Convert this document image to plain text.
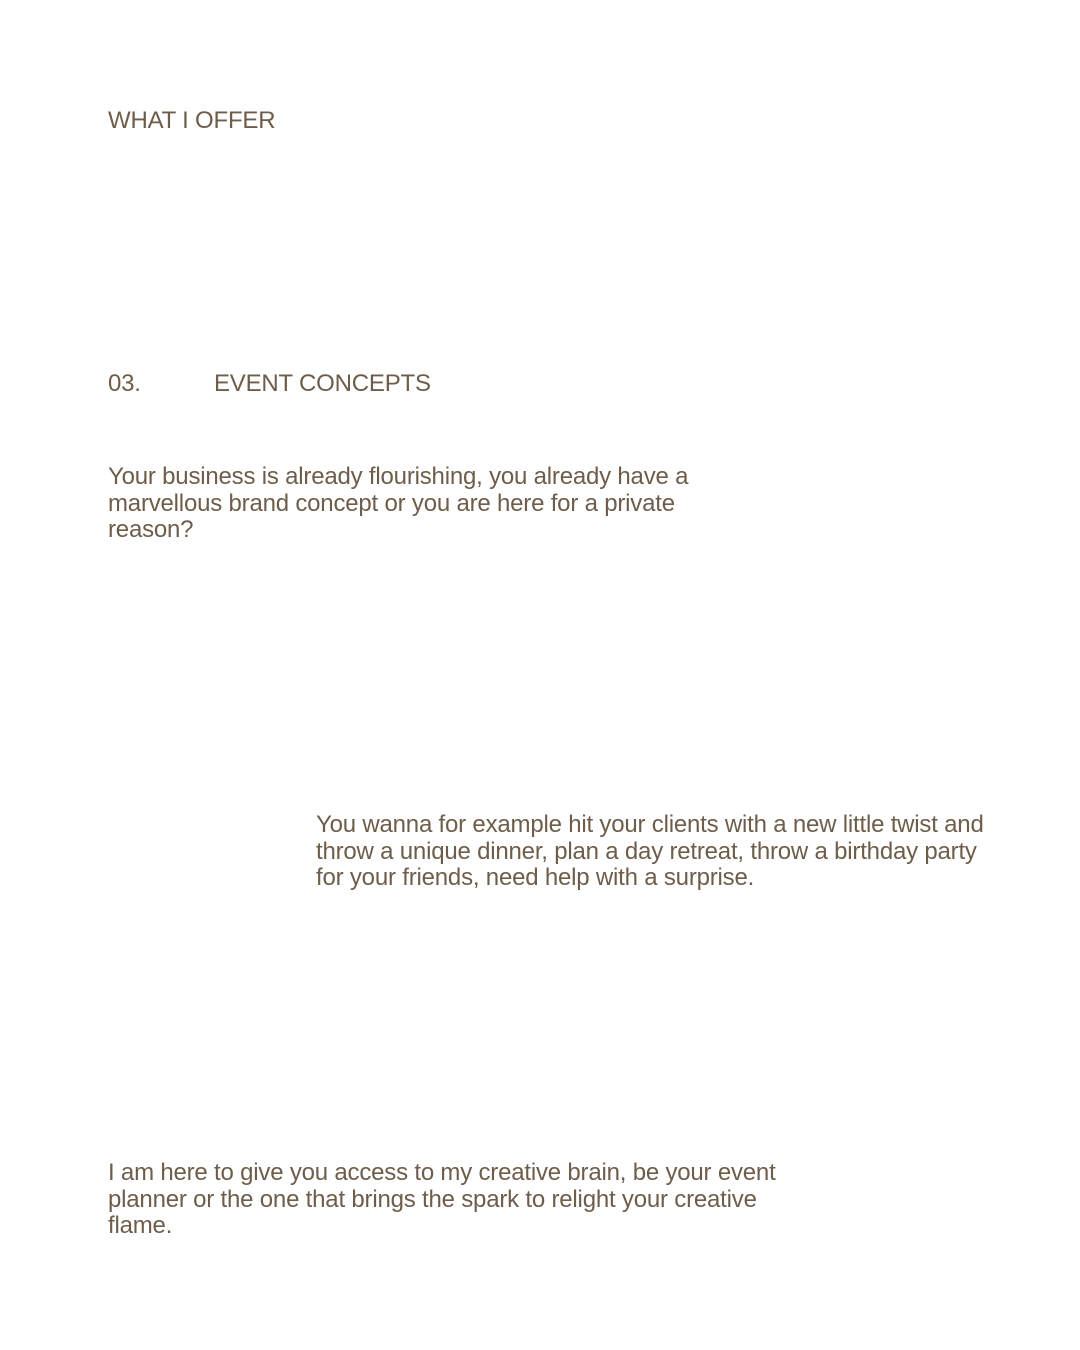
WHAT I OFFER
03.	EVENT CONCEPTS

Your business is already flourishing, you already have a marvellous brand concept or you are here for a private reason?

You wanna for example hit your clients with a new little twist and throw a unique dinner, plan a day retreat, throw a birthday party for your friends, need help with a surprise.

I am here to give you access to my creative brain, be your event planner or the one that brings the spark to relight your creative flame.
